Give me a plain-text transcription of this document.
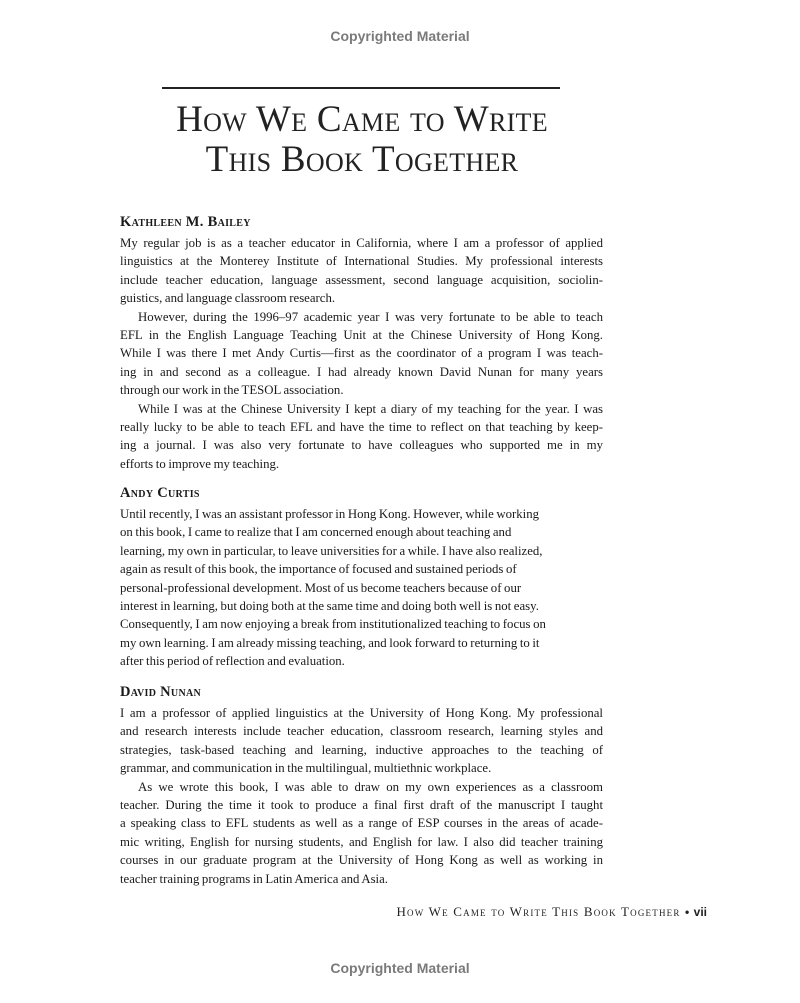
Copyrighted Material
How We Came to Write
This Book Together
Kathleen M. Bailey
My regular job is as a teacher educator in California, where I am a professor of applied
linguistics at the Monterey Institute of International Studies. My professional interests
include teacher education, language assessment, second language acquisition, sociolin-
guistics, and language classroom research.
However, during the 1996–97 academic year I was very fortunate to be able to teach
EFL in the English Language Teaching Unit at the Chinese University of Hong Kong.
While I was there I met Andy Curtis—first as the coordinator of a program I was teach-
ing in and second as a colleague. I had already known David Nunan for many years
through our work in the TESOL association.
While I was at the Chinese University I kept a diary of my teaching for the year. I was
really lucky to be able to teach EFL and have the time to reflect on that teaching by keep-
ing a journal. I was also very fortunate to have colleagues who supported me in my
efforts to improve my teaching.
Andy Curtis
Until recently, I was an assistant professor in Hong Kong. However, while working
on this book, I came to realize that I am concerned enough about teaching and
learning, my own in particular, to leave universities for a while. I have also realized,
again as result of this book, the importance of focused and sustained periods of
personal-professional development. Most of us become teachers because of our
interest in learning, but doing both at the same time and doing both well is not easy.
Consequently, I am now enjoying a break from institutionalized teaching to focus on
my own learning. I am already missing teaching, and look forward to returning to it
after this period of reflection and evaluation.
David Nunan
I am a professor of applied linguistics at the University of Hong Kong. My professional
and research interests include teacher education, classroom research, learning styles and
strategies, task-based teaching and learning, inductive approaches to the teaching of
grammar, and communication in the multilingual, multiethnic workplace.
As we wrote this book, I was able to draw on my own experiences as a classroom
teacher. During the time it took to produce a final first draft of the manuscript I taught
a speaking class to EFL students as well as a range of ESP courses in the areas of acade-
mic writing, English for nursing students, and English for law. I also did teacher training
courses in our graduate program at the University of Hong Kong as well as working in
teacher training programs in Latin America and Asia.
How We Came to Write This Book Together • vii
Copyrighted Material
